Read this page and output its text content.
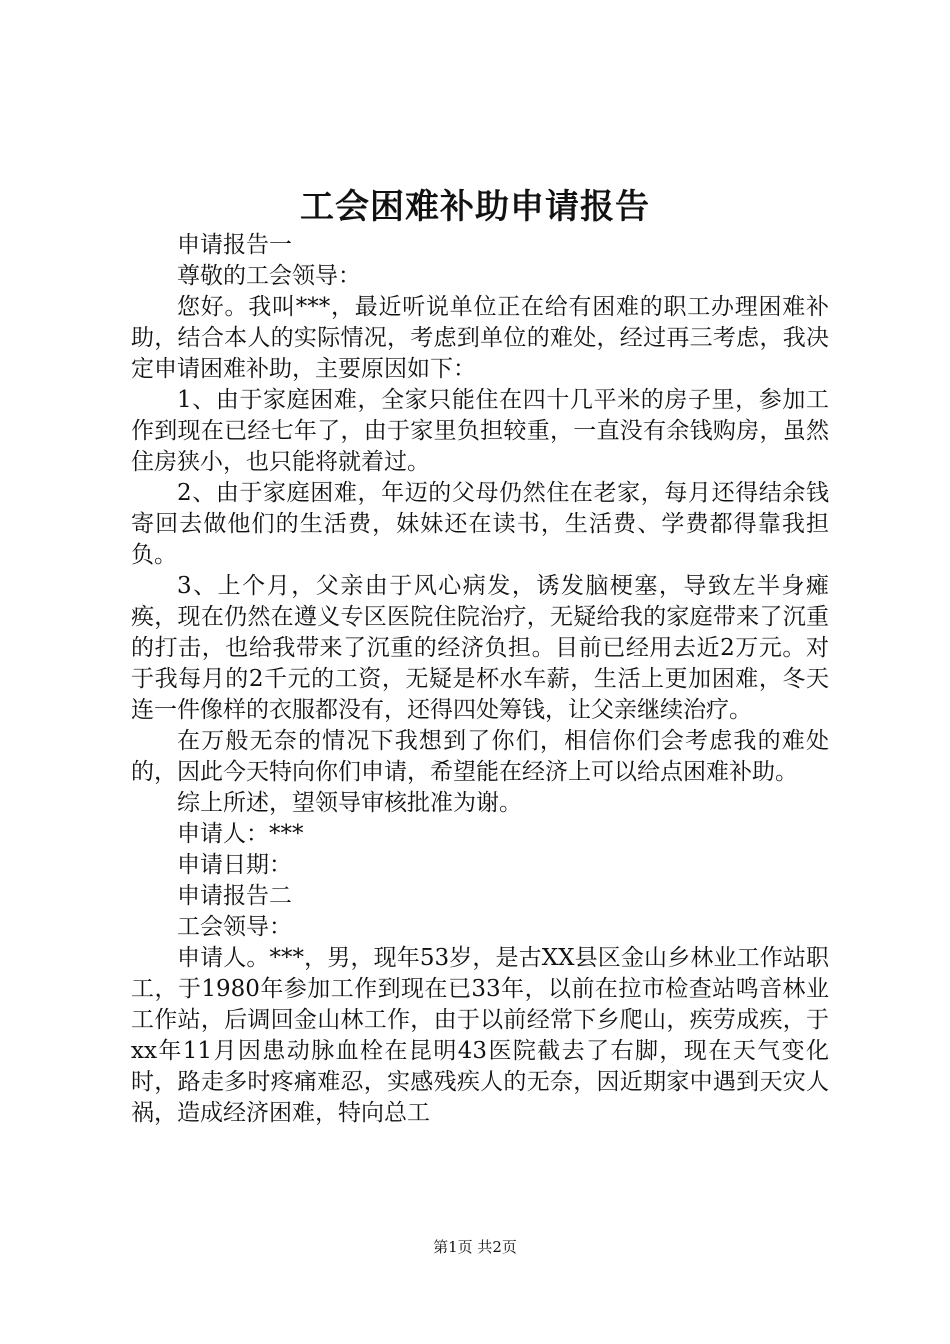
工会困难补助申请报告

申请报告一

尊敬的工会领导：

您好。我叫***，最近听说单位正在给有困难的职工办理困难补助，结合本人的实际情况，考虑到单位的难处，经过再三考虑，我决定申请困难补助，主要原因如下：

1、由于家庭困难，全家只能住在四十几平米的房子里，参加工作到现在已经七年了，由于家里负担较重，一直没有余钱购房，虽然住房狭小，也只能将就着过。

2、由于家庭困难，年迈的父母仍然住在老家，每月还得结余钱寄回去做他们的生活费，妹妹还在读书，生活费、学费都得靠我担负。

3、上个月，父亲由于风心病发，诱发脑梗塞，导致左半身瘫痪，现在仍然在遵义专区医院住院治疗，无疑给我的家庭带来了沉重的打击，也给我带来了沉重的经济负担。目前已经用去近2万元。对于我每月的2千元的工资，无疑是杯水车薪，生活上更加困难，冬天连一件像样的衣服都没有，还得四处筹钱，让父亲继续治疗。

在万般无奈的情况下我想到了你们，相信你们会考虑我的难处的，因此今天特向你们申请，希望能在经济上可以给点困难补助。

综上所述，望领导审核批准为谢。

申请人：***

申请日期：

申请报告二

工会领导：

申请人。***，男，现年53岁，是古XX县区金山乡林业工作站职工，于1980年参加工作到现在已33年，以前在拉市检查站鸣音林业工作站，后调回金山林工作，由于以前经常下乡爬山，疾劳成疾，于xx年11月因患动脉血栓在昆明43医院截去了右脚，现在天气变化时，路走多时疼痛难忍，实感残疾人的无奈，因近期家中遇到天灾人祸，造成经济困难，特向总工

第1页 共2页
